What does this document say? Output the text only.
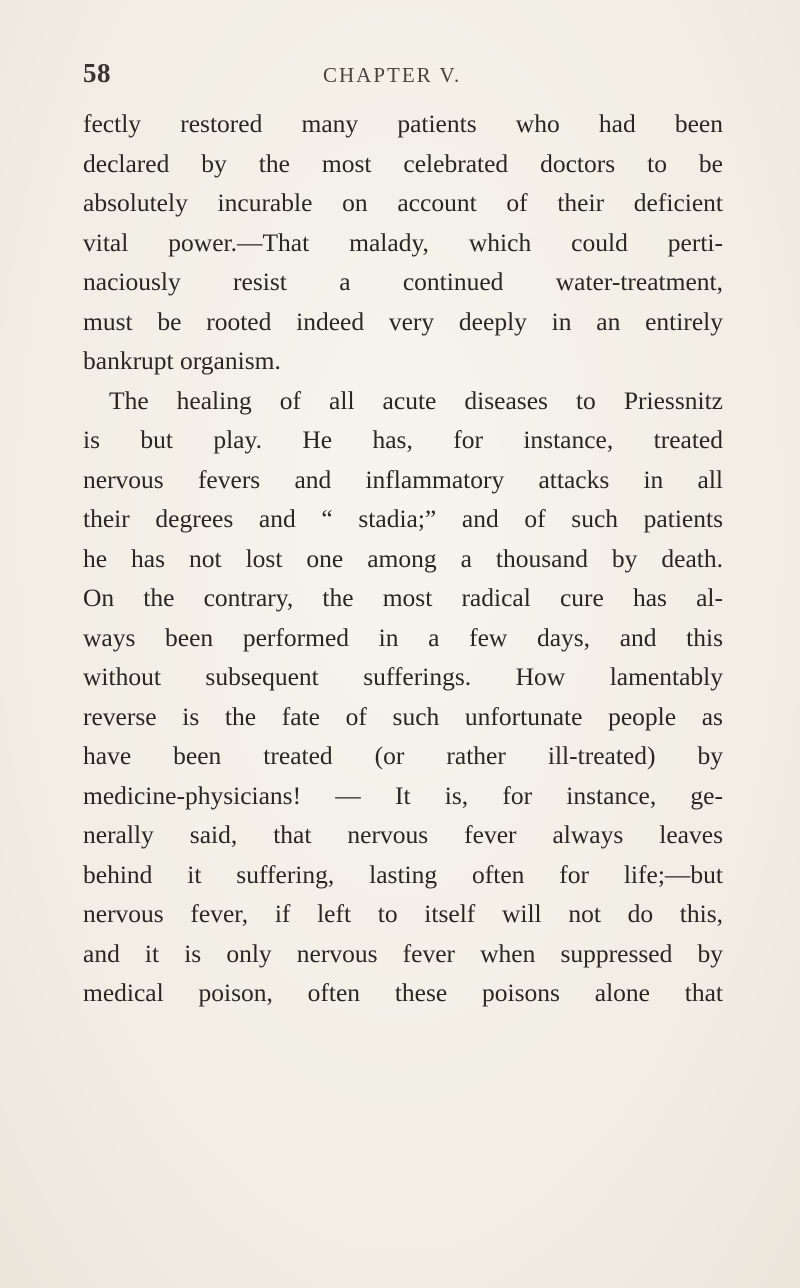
58	CHAPTER V.
fectly restored many patients who had been
declared by the most celebrated doctors to be
absolutely incurable on account of their deficient
vital power.—That malady, which could perti-
naciously resist a continued water-treatment,
must be rooted indeed very deeply in an entirely
bankrupt organism.
The healing of all acute diseases to Priessnitz
is but play. He has, for instance, treated
nervous fevers and inflammatory attacks in all
their degrees and “ stadia;” and of such patients
he has not lost one among a thousand by death.
On the contrary, the most radical cure has al-
ways been performed in a few days, and this
without subsequent sufferings. How lamentably
reverse is the fate of such unfortunate people as
have been treated (or rather ill-treated) by
medicine-physicians! — It is, for instance, ge-
nerally said, that nervous fever always leaves
behind it suffering, lasting often for life;—but
nervous fever, if left to itself will not do this,
and it is only nervous fever when suppressed by
medical poison, often these poisons alone that
